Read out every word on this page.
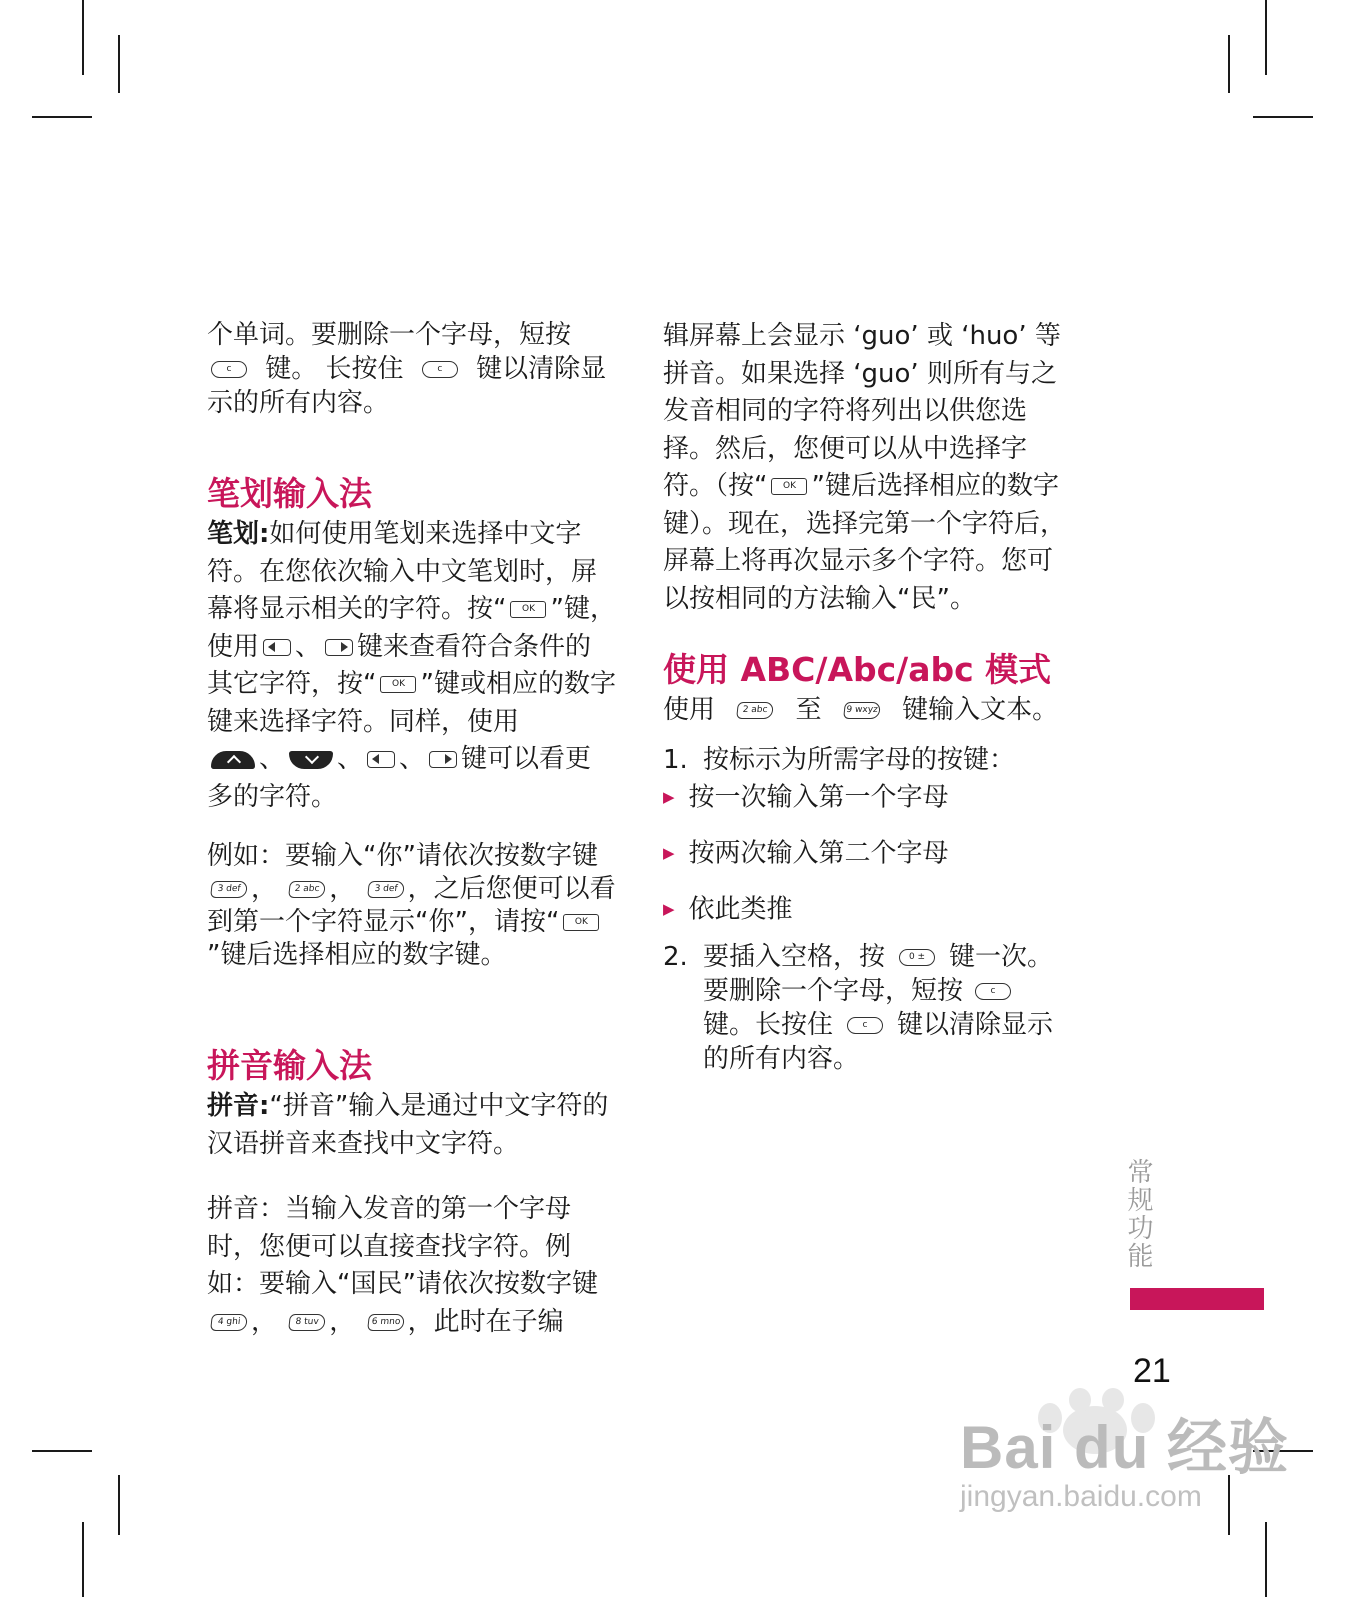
个单词。要删除一个字母，短按
c 键。 长按住	c 键以清除显示的所有内容。

笔划输入法

笔划:如何使用笔划来选择中文字符。在您依次输入中文笔划时，屏幕将显示相关的字符。按“ OK ”键，使用 、 键来查看符合条件的其它字符，按“ OK ”键或相应的数字键来选择字符。同样，使用
、 、 、 键可以看更多的字符。

例如：要输入“你”请依次按数字键
3 def ， 2 abc ， 3 def ，之后您便可以看到第一个字符显示“你”，请按“ OK”键后选择相应的数字键。

拼音输入法

拼音:“拼音”输入是通过中文字符的汉语拼音来查找中文字符。

拼音：当输入发音的第一个字母时，您便可以直接查找字符。例如：要输入“国民”请依次按数字键4 ghi ， 8 tuv ， 6 mno ，此时在子编

辑屏幕上会显示 ‘guo’ 或 ‘huo’ 等拼音。如果选择 ‘guo’ 则所有与之发音相同的字符将列出以供您选择。然后，您便可以从中选择字符。（按“ OK ”键后选择相应的数字键）。现在，选择完第一个字符后，屏幕上将再次显示多个字符。您可以按相同的方法输入“民”。

使用 ABC/Abc/abc 模式

使用	2 abc 至	9 wxyz 键输入文本。

1. 按标示为所需字母的按键：

▶ 按一次输入第一个字母

▶ 按两次输入第二个字母

▶ 依此类推

2. 要插入空格，按	0 ± 键一次。要删除一个字母，短按	c键。长按住	c 键以清除显示的所有内容。

常规功能
21
Bai du 经验
jingyan.baidu.com
